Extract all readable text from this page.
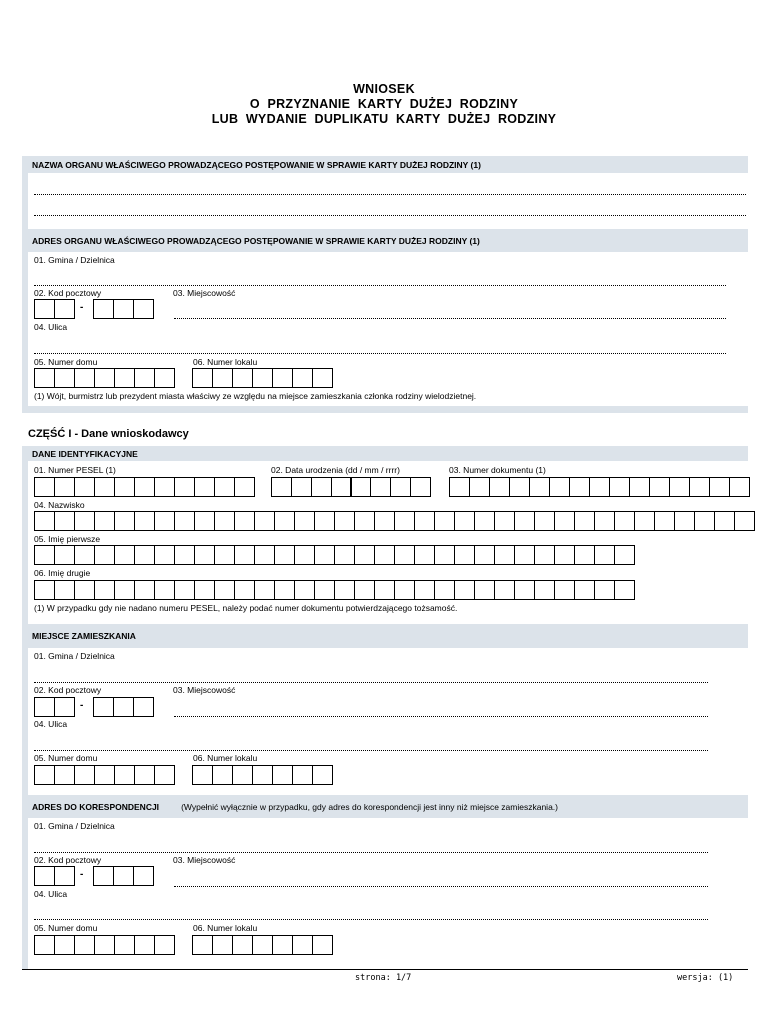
WNIOSEK
O  PRZYZNANIE  KARTY  DUŻEJ  RODZINY
LUB  WYDANIE  DUPLIKATU  KARTY  DUŻEJ  RODZINY
NAZWA ORGANU WŁAŚCIWEGO PROWADZĄCEGO POSTĘPOWANIE W SPRAWIE KARTY DUŻEJ RODZINY (1)
ADRES ORGANU WŁAŚCIWEGO PROWADZĄCEGO POSTĘPOWANIE W SPRAWIE KARTY DUŻEJ RODZINY (1)
01. Gmina / Dzielnica
02. Kod pocztowy	03. Miejscowość
-
04. Ulica
05. Numer domu	06. Numer lokalu
(1) Wójt, burmistrz lub prezydent miasta właściwy ze względu na miejsce zamieszkania członka rodziny wielodzietnej.
CZĘŚĆ I - Dane wnioskodawcy
DANE IDENTYFIKACYJNE
01. Numer PESEL (1)	02. Data urodzenia (dd / mm / rrrr)	03. Numer dokumentu (1)
04. Nazwisko
05. Imię pierwsze
06. Imię drugie
(1) W przypadku gdy nie nadano numeru PESEL, należy podać numer dokumentu potwierdzającego tożsamość.
MIEJSCE ZAMIESZKANIA
01. Gmina / Dzielnica
02. Kod pocztowy	03. Miejscowość
-
04. Ulica
05. Numer domu	06. Numer lokalu
ADRES DO KORESPONDENCJI	(Wypełnić wyłącznie w przypadku, gdy adres do korespondencji jest inny niż miejsce zamieszkania.)
01. Gmina / Dzielnica
02. Kod pocztowy	03. Miejscowość
-
04. Ulica
05. Numer domu	06. Numer lokalu
strona: 1/7	wersja: (1)
